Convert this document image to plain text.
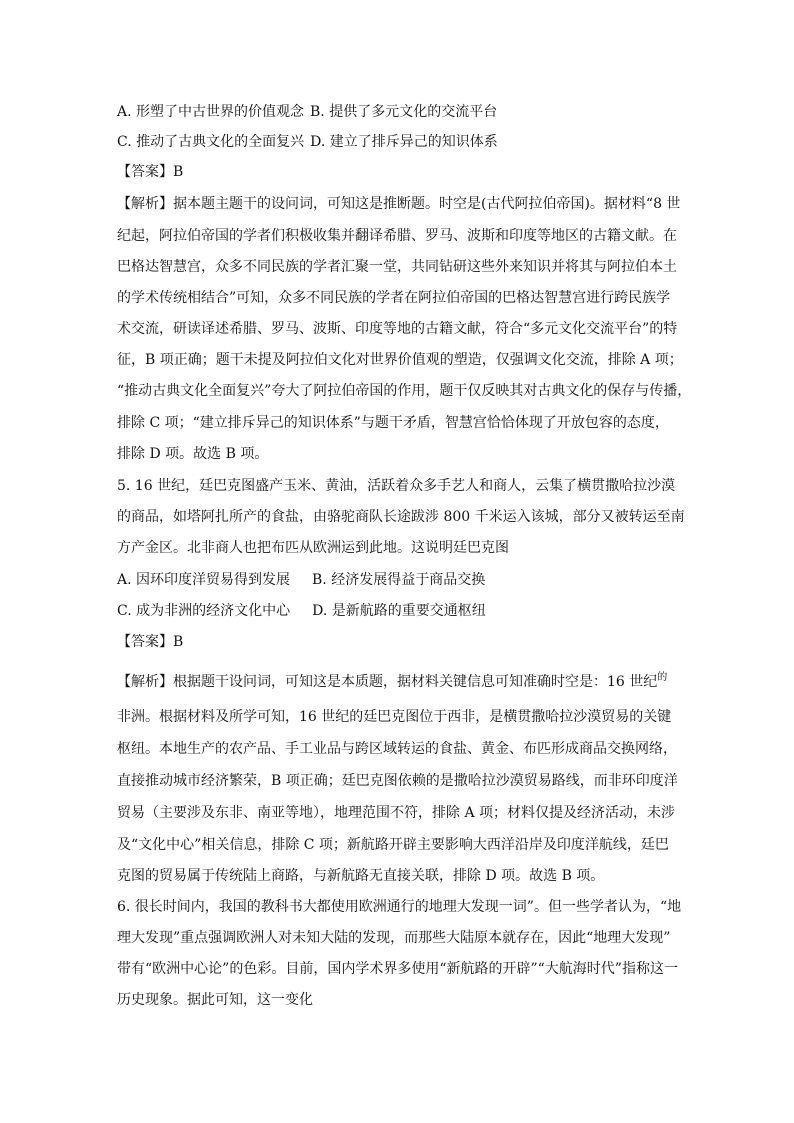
A. 形塑了中古世界的价值观念 B. 提供了多元文化的交流平台
C. 推动了古典文化的全面复兴 D. 建立了排斥异己的知识体系
【答案】B
【解析】据本题主题干的设问词，可知这是推断题。时空是(古代阿拉伯帝国)。据材料“8 世
纪起，阿拉伯帝国的学者们积极收集并翻译希腊、罗马、波斯和印度等地区的古籍文献。在
巴格达智慧宫，众多不同民族的学者汇聚一堂，共同钻研这些外来知识并将其与阿拉伯本土
的学术传统相结合”可知，众多不同民族的学者在阿拉伯帝国的巴格达智慧宫进行跨民族学
术交流，研读译述希腊、罗马、波斯、印度等地的古籍文献，符合“多元文化交流平台”的特
征，B 项正确；题干未提及阿拉伯文化对世界价值观的塑造，仅强调文化交流，排除 A 项；
“推动古典文化全面复兴”夸大了阿拉伯帝国的作用，题干仅反映其对古典文化的保存与传播，
排除 C 项；“建立排斥异己的知识体系”与题干矛盾，智慧宫恰恰体现了开放包容的态度，
排除 D 项。故选 B 项。
5. 16 世纪，廷巴克图盛产玉米、黄油，活跃着众多手艺人和商人，云集了横贯撒哈拉沙漠
的商品，如塔阿扎所产的食盐，由骆驼商队长途跋涉 800 千米运入该城，部分又被转运至南
方产金区。北非商人也把布匹从欧洲运到此地。这说明廷巴克图
A. 因环印度洋贸易得到发展 B. 经济发展得益于商品交换
C. 成为非洲的经济文化中心 D. 是新航路的重要交通枢纽
【答案】B
【解析】根据题干设问词，可知这是本质题，据材料关键信息可知准确时空是：16 世纪$^的$
非洲。根据材料及所学可知，16 世纪的廷巴克图位于西非，是横贯撒哈拉沙漠贸易的关键
枢纽。本地生产的农产品、手工业品与跨区域转运的食盐、黄金、布匹形成商品交换网络，
直接推动城市经济繁荣，B 项正确；廷巴克图依赖的是撒哈拉沙漠贸易路线，而非环印度洋
贸易（主要涉及东非、南亚等地），地理范围不符，排除 A 项；材料仅提及经济活动，未涉
及“文化中心”相关信息，排除 C 项；新航路开辟主要影响大西洋沿岸及印度洋航线，廷巴
克图的贸易属于传统陆上商路，与新航路无直接关联，排除 D 项。故选 B 项。
6. 很长时间内，我国的教科书大都使用欧洲通行的地理大发现一词”。但一些学者认为，“地
理大发现”重点强调欧洲人对未知大陆的发现，而那些大陆原本就存在，因此“地理大发现”
带有“欧洲中心论”的色彩。目前，国内学术界多使用“新航路的开辟”“大航海时代”指称这一
历史现象。据此可知，这一变化
